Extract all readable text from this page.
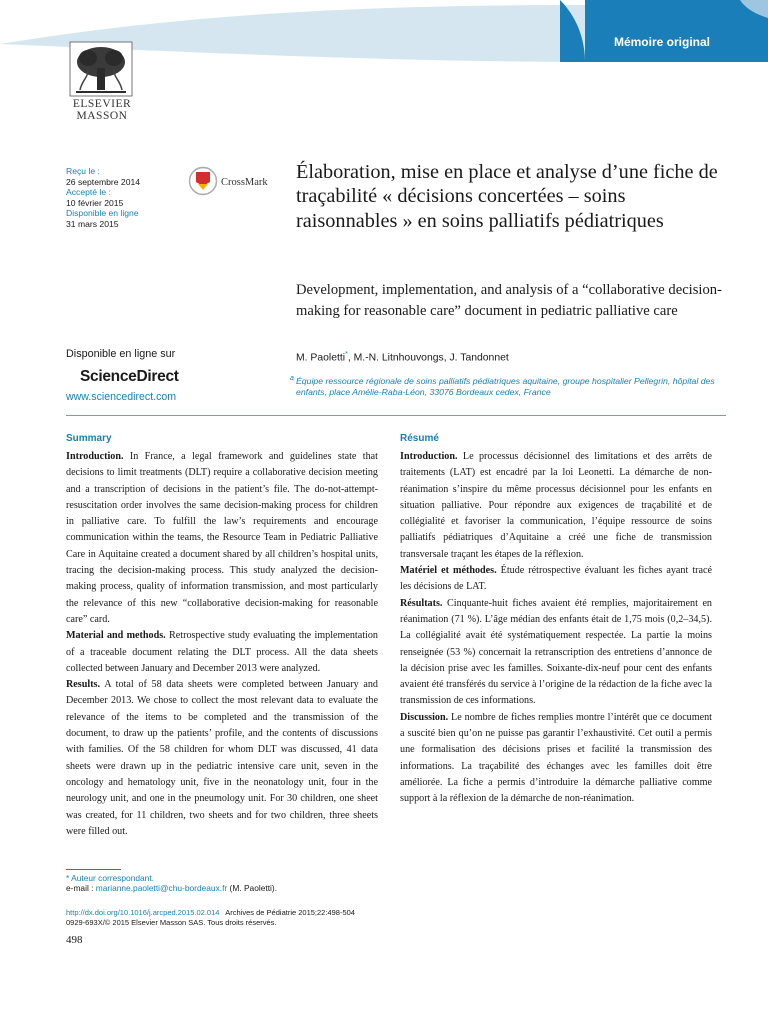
Mémoire original
ELSEVIER
MASSON
Reçu le :
26 septembre 2014
Accepté le :
10 février 2015
Disponible en ligne
31 mars 2015
CrossMark Élaboration, mise en place et analyse d’une fiche de traçabilité « décisions concertées – soins raisonnables » en soins palliatifs pédiatriques
Development, implementation, and analysis of a “collaborative decision-making for reasonable care” document in pediatric palliative care
M. Paoletti*, M.-N. Litnhouvongs, J. Tandonnet
a Équipe ressource régionale de soins palliatifs pédiatriques aquitaine, groupe hospitalier Pellegrin, hôpital des enfants, place Amélie-Raba-Léon, 33076 Bordeaux cedex, France
Disponible en ligne sur
ScienceDirect
www.sciencedirect.com
Summary

Introduction. In France, a legal framework and guidelines state that decisions to limit treatments (DLT) require a collaborative decision meeting and a transcription of decisions in the patient’s file. The do-not-attempt-resuscitation order involves the same decision-making process for children in palliative care. To fulfill the law’s requirements and encourage communication within the teams, the Resource Team in Pediatric Palliative Care in Aquitaine created a document shared by all children’s hospital units, tracing the decision-making process. This study analyzed the decision-making process, quality of information transmission, and most particularly the relevance of this new “collaborative decision-making for reasonable care” card.

Material and methods. Retrospective study evaluating the implementation of a traceable document relating the DLT process. All the data sheets collected between January and December 2013 were analyzed.

Results. A total of 58 data sheets were completed between January and December 2013. We chose to collect the most relevant data to evaluate the relevance of the items to be completed and the transmission of the document, to draw up the patients’ profile, and the contents of discussions with families. Of the 58 children for whom DLT was discussed, 41 data sheets were drawn up in the pediatric intensive care unit, seven in the oncology and hematology unit, five in the neonatology unit, four in the neurology unit, and one in the pneumology unit. For 30 children, one sheet was created, for 11 children, two sheets and for two children, three sheets were filled out.

Résumé

Introduction. Le processus décisionnel des limitations et des arrêts de traitements (LAT) est encadré par la loi Leonetti. La démarche de non-réanimation s’inspire du même processus décisionnel pour les enfants en situation palliative. Pour répondre aux exigences de traçabilité et de collégialité et favoriser la communication, l’équipe ressource de soins palliatifs pédiatriques d’Aquitaine a créé une fiche de transmission transversale traçant les étapes de la réflexion.

Matériel et méthodes. Étude rétrospective évaluant les fiches ayant tracé les décisions de LAT.

Résultats. Cinquante-huit fiches avaient été remplies, majoritairement en réanimation (71 %). L’âge médian des enfants était de 1,75 mois (0,2–34,5). La collégialité avait été systématiquement respectée. La partie la moins renseignée (53 %) concernait la retranscription des entretiens d’annonce de la décision prise avec les familles. Soixante-dix-neuf pour cent des enfants avaient été transférés du service à l’origine de la rédaction de la fiche avec la transmission de ces informations.

Discussion. Le nombre de fiches remplies montre l’intérêt que ce document a suscité bien qu’on ne puisse pas garantir l’exhaustivité. Cet outil a permis une formalisation des décisions prises et facilité la transmission des informations. La traçabilité des échanges avec les familles doit être améliorée. La fiche a permis d’introduire la démarche palliative comme support à la réflexion de la démarche de non-réanimation.

* Auteur correspondant.
e-mail : marianne.paoletti@chu-bordeaux.fr (M. Paoletti).
http://dx.doi.org/10.1016/j.arcped.2015.02.014   Archives de Pédiatrie 2015;22:498-504
0929-693X/© 2015 Elsevier Masson SAS. Tous droits réservés.
498
